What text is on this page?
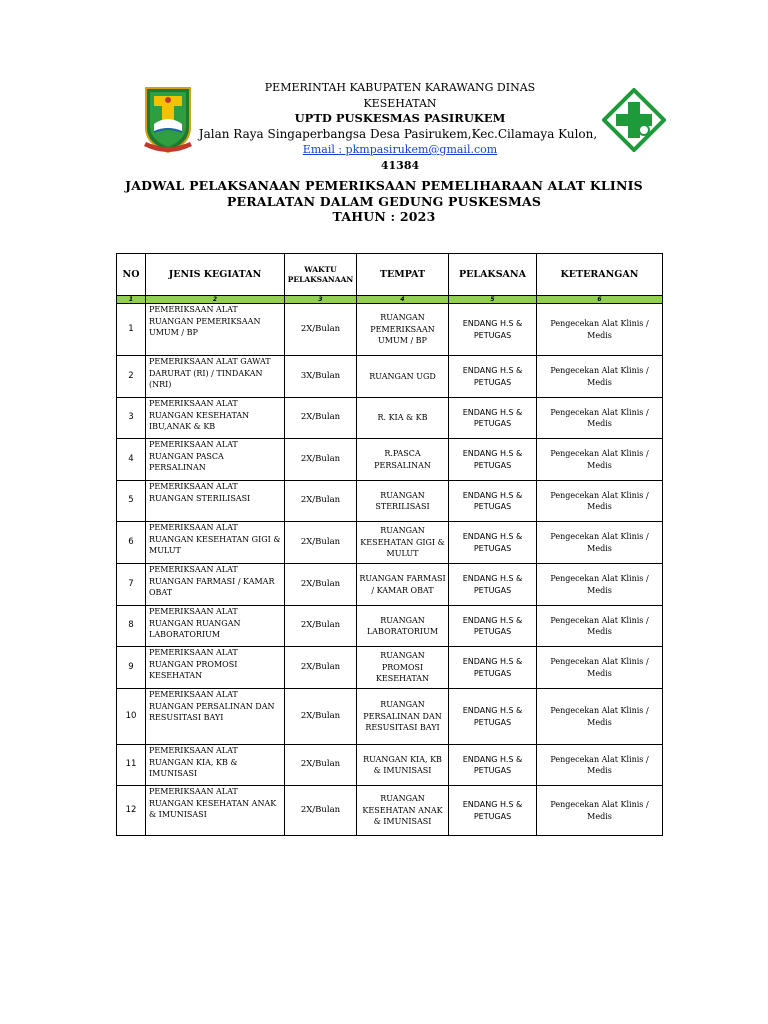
PEMERINTAH KABUPATEN KARAWANG DINAS
KESEHATAN
UPTD PUSKESMAS PASIRUKEM
Jalan Raya Singaperbangsa Desa Pasirukem,Kec.Cilamaya Kulon,
Email : pkmpasirukem@gmail.com
41384
JADWAL PELAKSANAAN PEMERIKSAAN PEMELIHARAAN ALAT KLINIS
PERALATAN DALAM GEDUNG PUSKESMAS
TAHUN : 2023
NO	JENIS KEGIATAN	WAKTU PELAKSANAAN	TEMPAT	PELAKSANA	KETERANGAN
1	2	3	4	5	6
1	PEMERIKSAAN ALAT RUANGAN PEMERIKSAAN UMUM / BP	2X/Bulan	RUANGAN PEMERIKSAAN UMUM / BP	ENDANG H.S & PETUGAS	Pengecekan Alat Klinis / Medis
2	PEMERIKSAAN ALAT GAWAT DARURAT (RI) / TINDAKAN (NRI)	3X/Bulan	RUANGAN UGD	ENDANG H.S & PETUGAS	Pengecekan Alat Klinis / Medis
3	PEMERIKSAAN ALAT RUANGAN KESEHATAN IBU,ANAK & KB	2X/Bulan	R. KIA & KB	ENDANG H.S & PETUGAS	Pengecekan Alat Klinis / Medis
4	PEMERIKSAAN ALAT RUANGAN PASCA PERSALINAN	2X/Bulan	R.PASCA PERSALINAN	ENDANG H.S & PETUGAS	Pengecekan Alat Klinis / Medis
5	PEMERIKSAAN ALAT RUANGAN STERILISASI	2X/Bulan	RUANGAN STERILISASI	ENDANG H.S & PETUGAS	Pengecekan Alat Klinis / Medis
6	PEMERIKSAAN ALAT RUANGAN KESEHATAN GIGI & MULUT	2X/Bulan	RUANGAN KESEHATAN GIGI & MULUT	ENDANG H.S & PETUGAS	Pengecekan Alat Klinis / Medis
7	PEMERIKSAAN ALAT RUANGAN FARMASI / KAMAR OBAT	2X/Bulan	RUANGAN FARMASI / KAMAR OBAT	ENDANG H.S & PETUGAS	Pengecekan Alat Klinis / Medis
8	PEMERIKSAAN ALAT RUANGAN RUANGAN LABORATORIUM	2X/Bulan	RUANGAN LABORATORIUM	ENDANG H.S & PETUGAS	Pengecekan Alat Klinis / Medis
9	PEMERIKSAAN ALAT RUANGAN PROMOSI KESEHATAN	2X/Bulan	RUANGAN PROMOSI KESEHATAN	ENDANG H.S & PETUGAS	Pengecekan Alat Klinis / Medis
10	PEMERIKSAAN ALAT RUANGAN PERSALINAN DAN RESUSITASI BAYI	2X/Bulan	RUANGAN PERSALINAN DAN RESUSITASI BAYI	ENDANG H.S & PETUGAS	Pengecekan Alat Klinis / Medis
11	PEMERIKSAAN ALAT RUANGAN KIA, KB & IMUNISASI	2X/Bulan	RUANGAN KIA, KB & IMUNISASI	ENDANG H.S & PETUGAS	Pengecekan Alat Klinis / Medis
12	PEMERIKSAAN ALAT RUANGAN KESEHATAN ANAK & IMUNISASI	2X/Bulan	RUANGAN KESEHATAN ANAK & IMUNISASI	ENDANG H.S & PETUGAS	Pengecekan Alat Klinis / Medis
